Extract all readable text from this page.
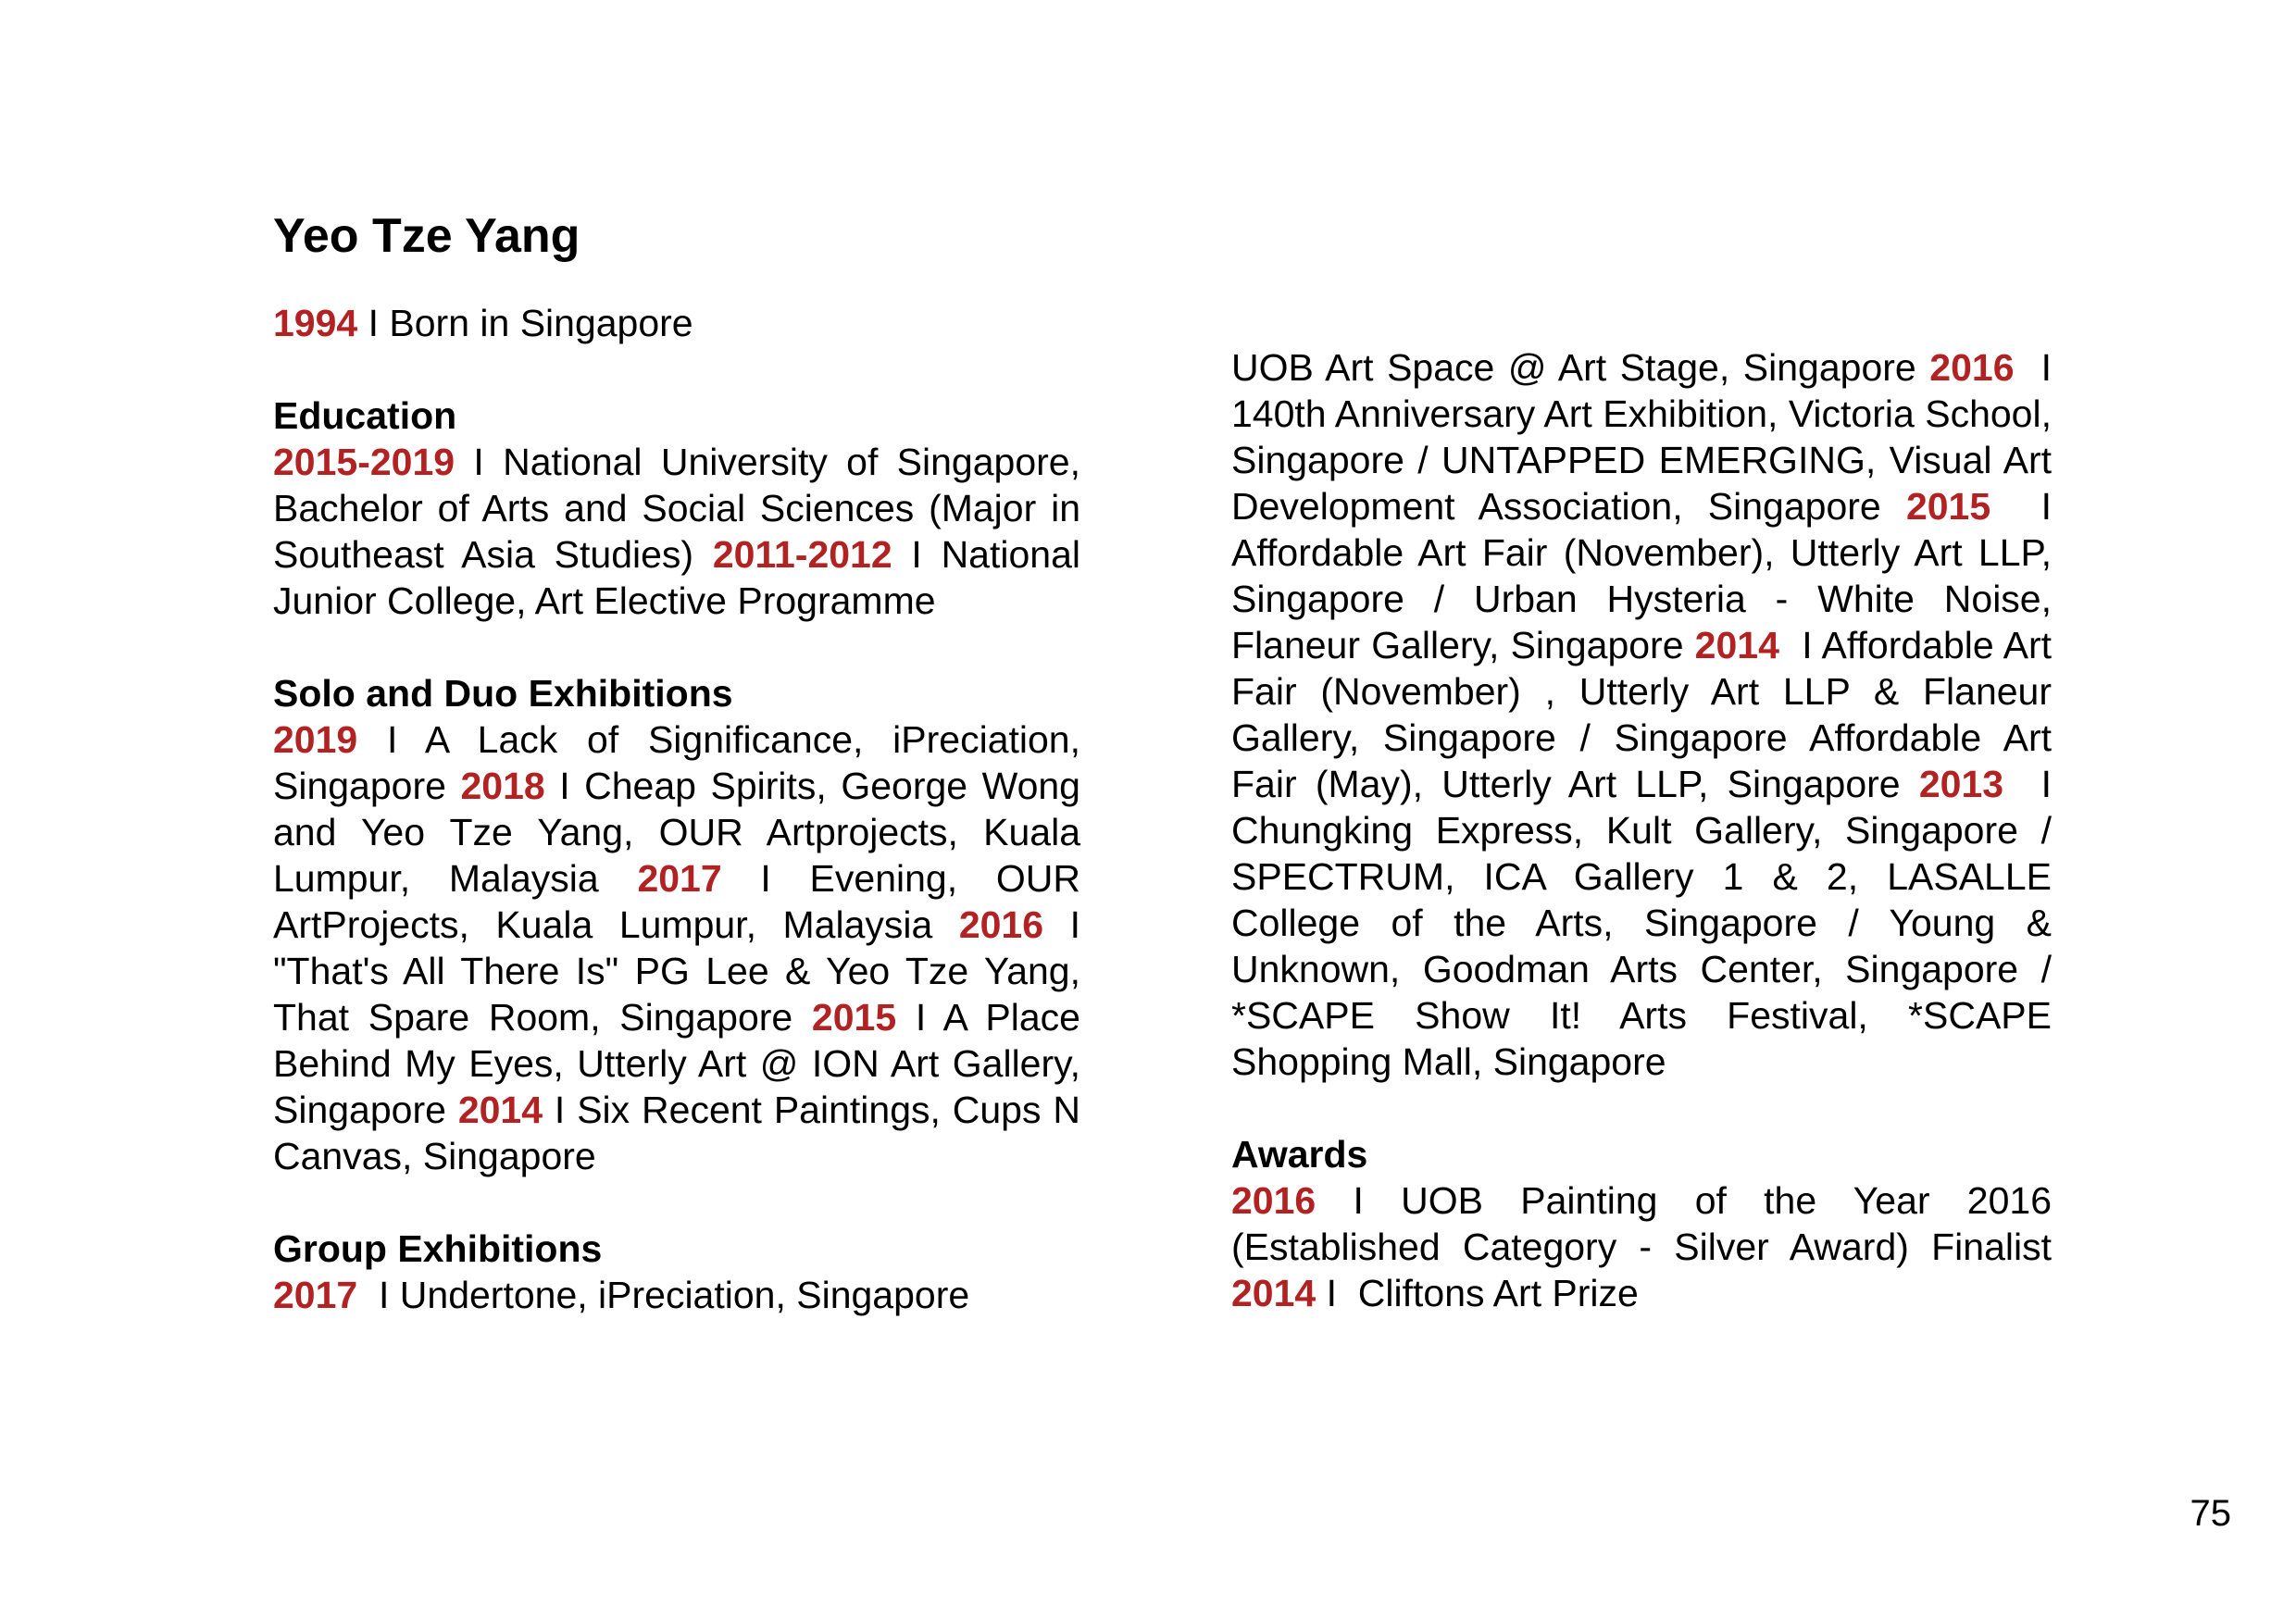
Yeo Tze Yang

1994 I Born in Singapore

Education

2015-2019 I National University of Singapore, Bachelor of Arts and Social Sciences (Major in Southeast Asia Studies) 2011-2012 I National Junior College, Art Elective Programme

Solo and Duo Exhibitions

2019 I A Lack of Significance, iPreciation, Singapore 2018 I Cheap Spirits, George Wong and Yeo Tze Yang, OUR Artprojects, Kuala Lumpur, Malaysia 2017 I Evening, OUR ArtProjects, Kuala Lumpur, Malaysia 2016 I "That's All There Is" PG Lee & Yeo Tze Yang, That Spare Room, Singapore 2015 I A Place Behind My Eyes, Utterly Art @ ION Art Gallery, Singapore 2014 I Six Recent Paintings, Cups N Canvas, Singapore

Group Exhibitions

2017  I Undertone, iPreciation, Singapore

UOB Art Space @ Art Stage, Singapore 2016  I 140th Anniversary Art Exhibition, Victoria School, Singapore / UNTAPPED EMERGING, Visual Art Development Association, Singapore 2015  I Affordable Art Fair (November), Utterly Art LLP, Singapore / Urban Hysteria - White Noise, Flaneur Gallery, Singapore 2014  I Affordable Art Fair (November) , Utterly Art LLP & Flaneur Gallery, Singapore / Singapore Affordable Art Fair (May), Utterly Art LLP, Singapore 2013  I Chungking Express, Kult Gallery, Singapore / SPECTRUM, ICA Gallery 1 & 2, LASALLE College of the Arts, Singapore / Young & Unknown, Goodman Arts Center, Singapore / *SCAPE Show It! Arts Festival, *SCAPE Shopping Mall, Singapore

Awards

2016 I UOB Painting of the Year 2016 (Established Category - Silver Award) Finalist 2014 I  Cliftons Art Prize

75
